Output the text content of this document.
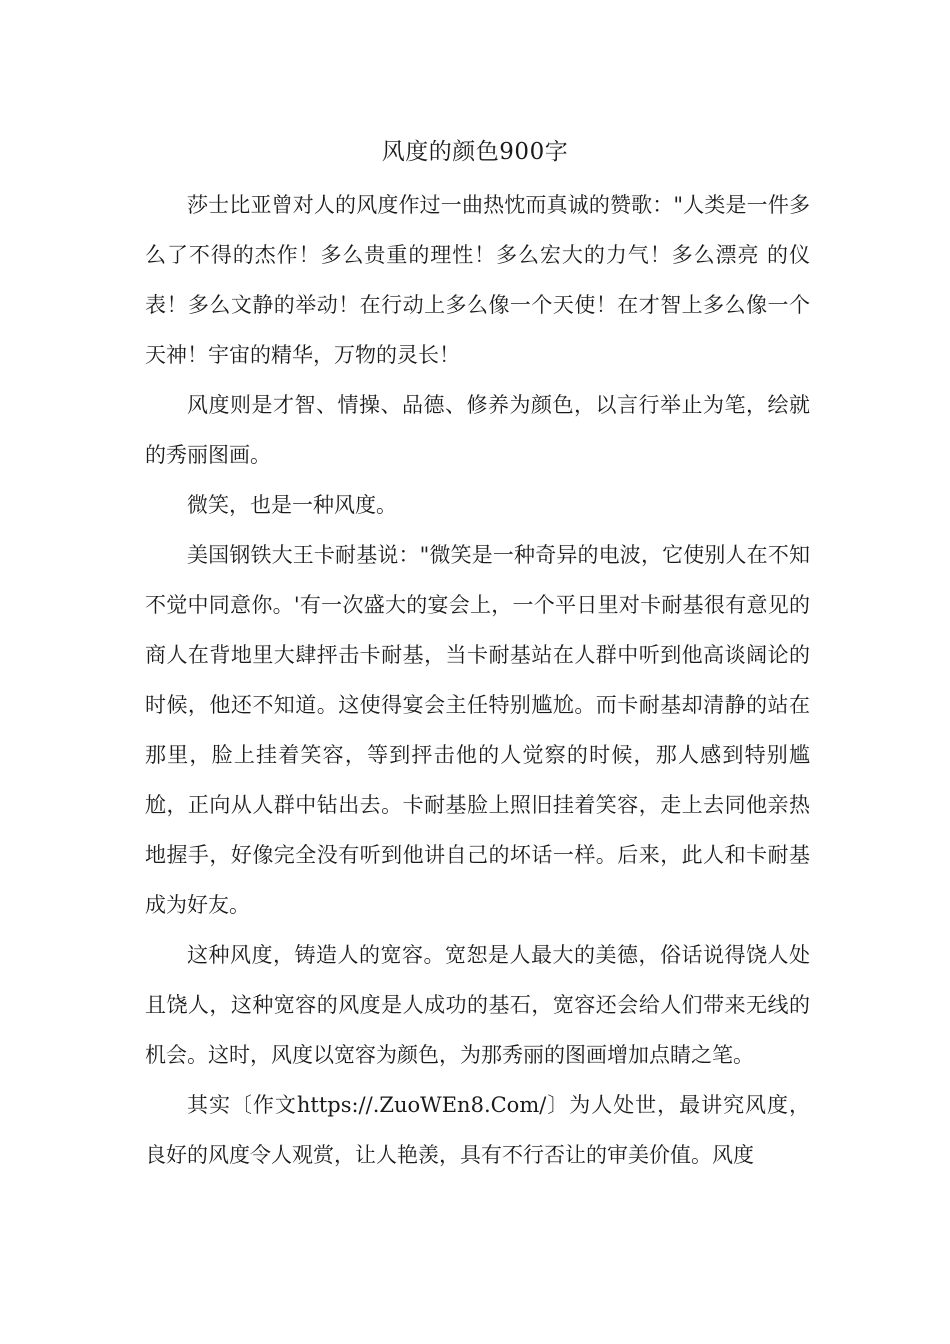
风度的颜色900字

莎士比亚曾对人的风度作过一曲热忱而真诚的赞歌："人类是一件多么了不得的杰作！多么贵重的理性！多么宏大的力气！多么漂亮 的仪表！多么文静的举动！在行动上多么像一个天使！在才智上多么像一个天神！宇宙的精华，万物的灵长！

风度则是才智、情操、品德、修养为颜色，以言行举止为笔，绘就的秀丽图画。

微笑，也是一种风度。

美国钢铁大王卡耐基说："微笑是一种奇异的电波，它使别人在不知不觉中同意你。'有一次盛大的宴会上，一个平日里对卡耐基很有意见的商人在背地里大肆抨击卡耐基，当卡耐基站在人群中听到他高谈阔论的时候，他还不知道。这使得宴会主任特别尴尬。而卡耐基却清静的站在那里，脸上挂着笑容，等到抨击他的人觉察的时候，那人感到特别尴尬，正向从人群中钻出去。卡耐基脸上照旧挂着笑容，走上去同他亲热地握手，好像完全没有听到他讲自己的坏话一样。后来，此人和卡耐基成为好友。

这种风度，铸造人的宽容。宽恕是人最大的美德，俗话说得饶人处且饶人，这种宽容的风度是人成功的基石，宽容还会给人们带来无线的机会。这时，风度以宽容为颜色，为那秀丽的图画增加点睛之笔。

其实〔作文https://.ZuoWEn8.Com/〕为人处世，最讲究风度，良好的风度令人观赏，让人艳羡，具有不行否让的审美价值。风度
